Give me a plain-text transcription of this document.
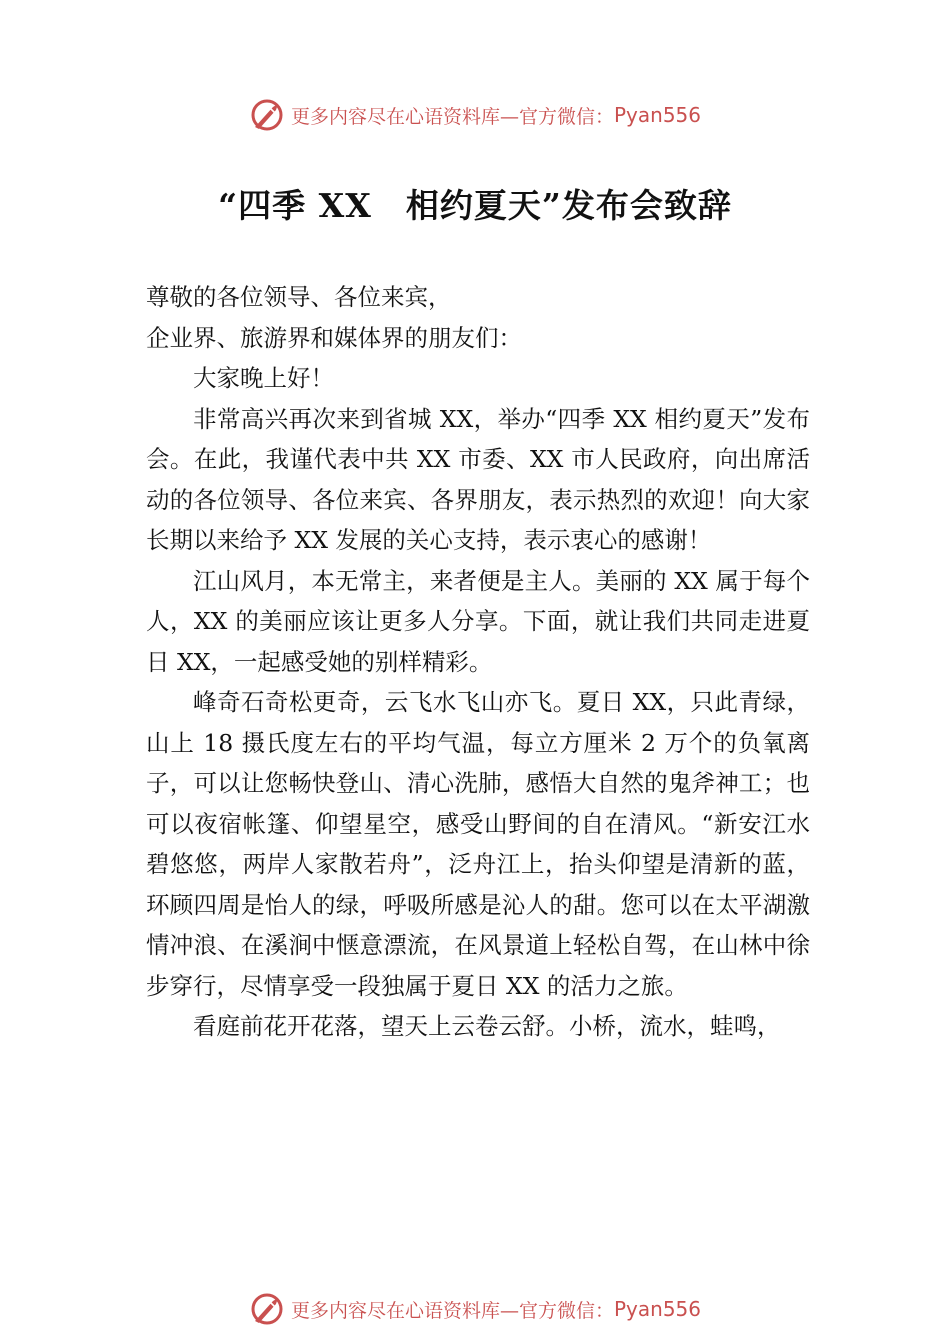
更多内容尽在心语资料库—官方微信： Pyan556
“四季 XX　相约夏天”发布会致辞

尊敬的各位领导、各位来宾，

企业界、旅游界和媒体界的朋友们：

大家晚上好！

非常高兴再次来到省城 XX，举办“四季 XX 相约夏天”发布会。在此，我谨代表中共 XX 市委、XX 市人民政府，向出席活动的各位领导、各位来宾、各界朋友，表示热烈的欢迎！向大家长期以来给予 XX 发展的关心支持，表示衷心的感谢！

江山风月，本无常主，来者便是主人。美丽的 XX 属于每个人，XX 的美丽应该让更多人分享。下面，就让我们共同走进夏日 XX，一起感受她的别样精彩。

峰奇石奇松更奇，云飞水飞山亦飞。夏日 XX，只此青绿，山上 18 摄氏度左右的平均气温，每立方厘米 2 万个的负氧离子，可以让您畅快登山、清心洗肺，感悟大自然的鬼斧神工；也可以夜宿帐篷、仰望星空，感受山野间的自在清风。“新安江水碧悠悠，两岸人家散若舟”，泛舟江上，抬头仰望是清新的蓝，环顾四周是怡人的绿，呼吸所感是沁人的甜。您可以在太平湖激情冲浪、在溪涧中惬意漂流，在风景道上轻松自驾，在山林中徐步穿行，尽情享受一段独属于夏日 XX 的活力之旅。

看庭前花开花落，望天上云卷云舒。小桥，流水，蛙鸣，

更多内容尽在心语资料库—官方微信： Pyan556
